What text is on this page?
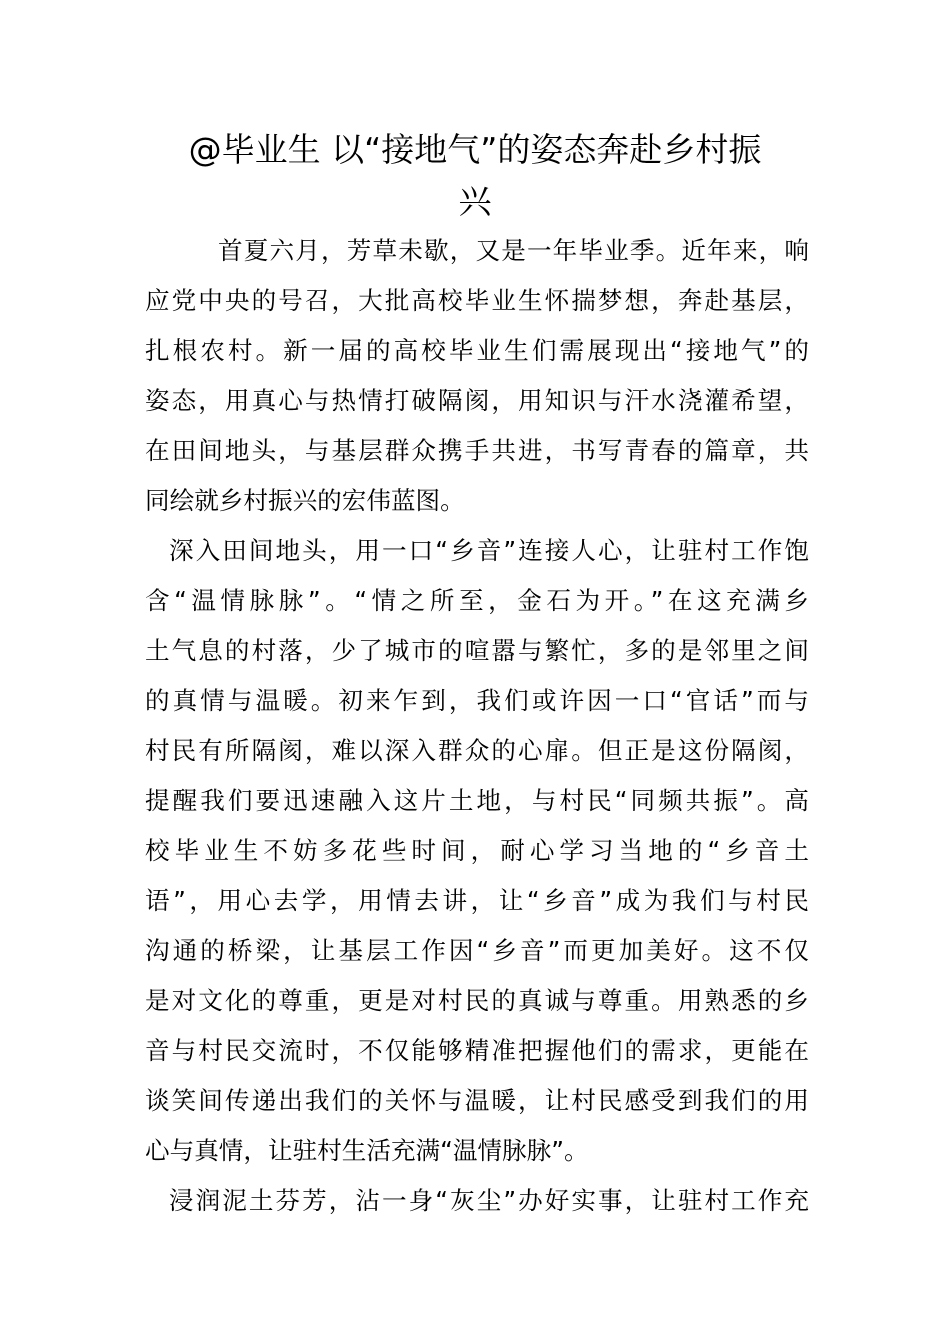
@毕业生 以“接地气”的姿态奔赴乡村振
兴

首夏六月，芳草未歇，又是一年毕业季。近年来，响
应党中央的号召，大批高校毕业生怀揣梦想，奔赴基层，
扎根农村。新一届的高校毕业生们需展现出“接地气”的
姿态，用真心与热情打破隔阂，用知识与汗水浇灌希望，
在田间地头，与基层群众携手共进，书写青春的篇章，共
同绘就乡村振兴的宏伟蓝图。

深入田间地头，用一口“乡音”连接人心，让驻村工作饱
含“温情脉脉”。“情之所至，金石为开。”在这充满乡
土气息的村落，少了城市的喧嚣与繁忙，多的是邻里之间
的真情与温暖。初来乍到，我们或许因一口“官话”而与
村民有所隔阂，难以深入群众的心扉。但正是这份隔阂，
提醒我们要迅速融入这片土地，与村民“同频共振”。高
校毕业生不妨多花些时间，耐心学习当地的“乡音土
语”，用心去学，用情去讲，让“乡音”成为我们与村民
沟通的桥梁，让基层工作因“乡音”而更加美好。这不仅
是对文化的尊重，更是对村民的真诚与尊重。用熟悉的乡
音与村民交流时，不仅能够精准把握他们的需求，更能在
谈笑间传递出我们的关怀与温暖，让村民感受到我们的用
心与真情，让驻村生活充满“温情脉脉”。

浸润泥土芬芳，沾一身“灰尘”办好实事，让驻村工作充
